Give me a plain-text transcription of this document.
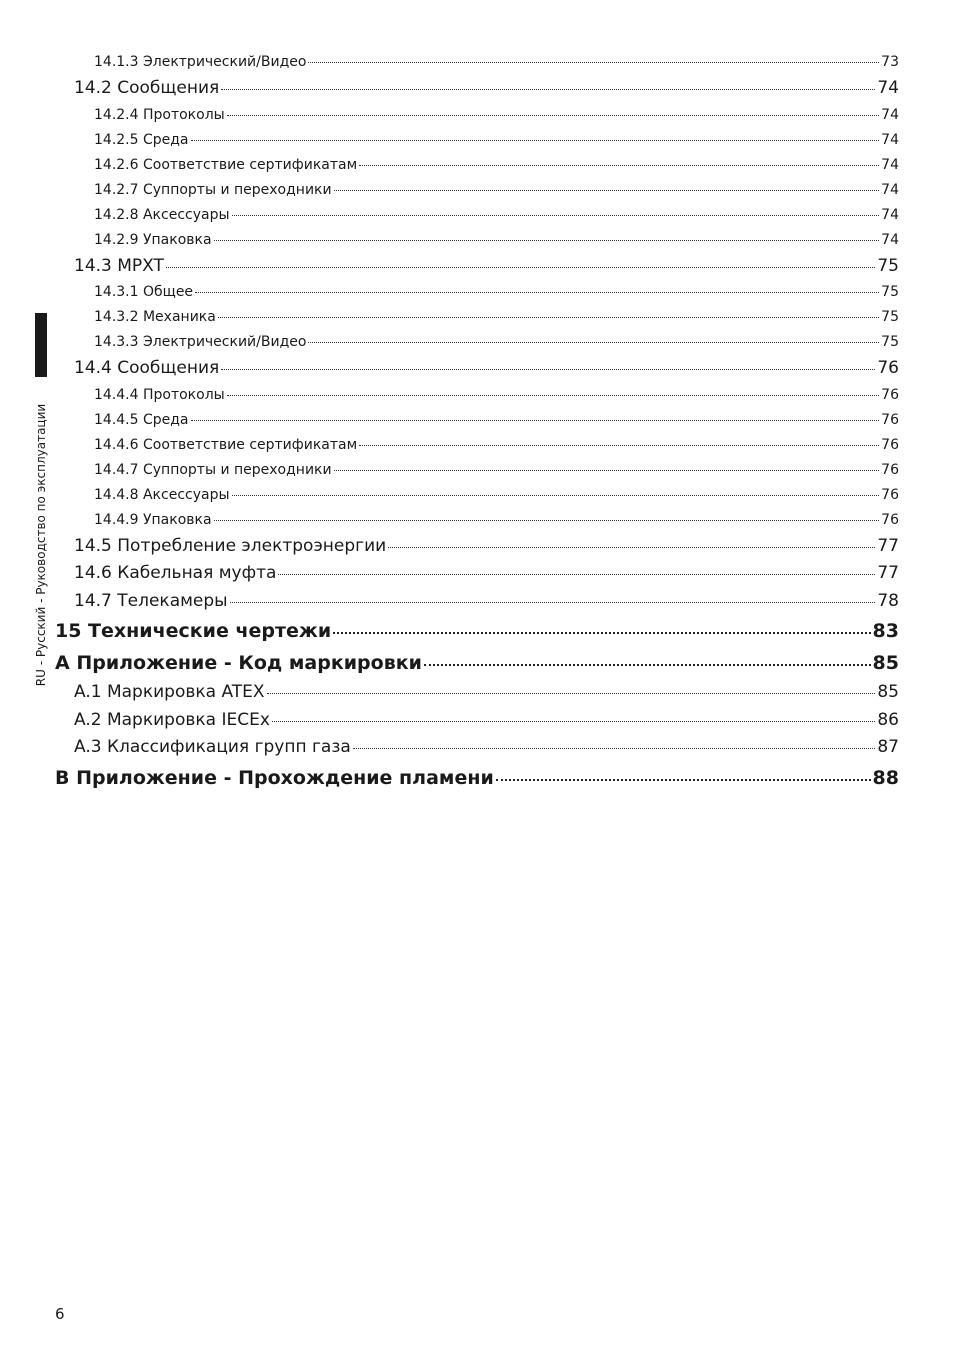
RU - Русский - Руководство по эксплуатации
14.1.3 Электрический/Видео	73
14.2 Сообщения	74
14.2.4 Протоколы	74
14.2.5 Среда	74
14.2.6 Соответствие сертификатам	74
14.2.7 Суппорты и переходники	74
14.2.8 Аксессуары	74
14.2.9 Упаковка	74
14.3 MPXT	75
14.3.1 Общее	75
14.3.2 Механика	75
14.3.3 Электрический/Видео	75
14.4 Сообщения	76
14.4.4 Протоколы	76
14.4.5 Среда	76
14.4.6 Соответствие сертификатам	76
14.4.7 Суппорты и переходники	76
14.4.8 Аксессуары	76
14.4.9 Упаковка	76
14.5 Потребление электроэнергии	77
14.6 Кабельная муфта	77
14.7 Телекамеры	78
15 Технические чертежи	83
A Приложение - Код маркировки	85
A.1 Маркировка ATEX	85
A.2 Маркировка IECEx	86
A.3 Классификация групп газа	87
B Приложение - Прохождение пламени	88
6
